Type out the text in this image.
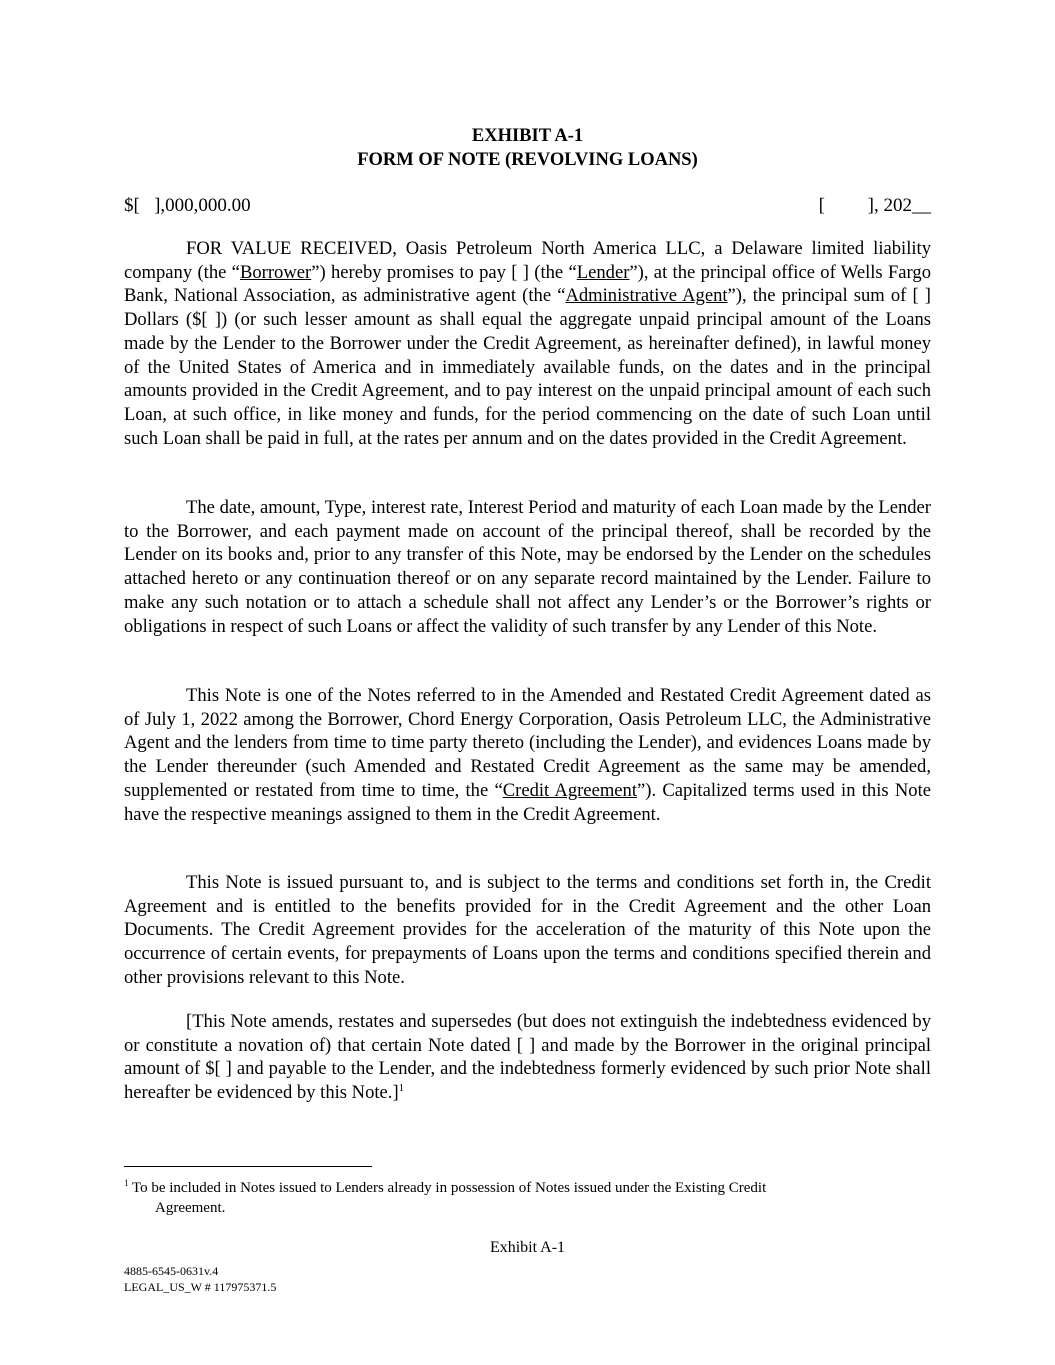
EXHIBIT A-1
FORM OF NOTE (REVOLVING LOANS)
$[   ],000,000.00	[         ], 202__

FOR VALUE RECEIVED, Oasis Petroleum North America LLC, a Delaware limited liability company (the “Borrower”) hereby promises to pay [ ] (the “Lender”), at the principal office of Wells Fargo Bank, National Association, as administrative agent (the “Administrative Agent”), the principal sum of [ ] Dollars ($[ ]) (or such lesser amount as shall equal the aggregate unpaid principal amount of the Loans made by the Lender to the Borrower under the Credit Agreement, as hereinafter defined), in lawful money of the United States of America and in immediately available funds, on the dates and in the principal amounts provided in the Credit Agreement, and to pay interest on the unpaid principal amount of each such Loan, at such office, in like money and funds, for the period commencing on the date of such Loan until such Loan shall be paid in full, at the rates per annum and on the dates provided in the Credit Agreement.

The date, amount, Type, interest rate, Interest Period and maturity of each Loan made by the Lender to the Borrower, and each payment made on account of the principal thereof, shall be recorded by the Lender on its books and, prior to any transfer of this Note, may be endorsed by the Lender on the schedules attached hereto or any continuation thereof or on any separate record maintained by the Lender. Failure to make any such notation or to attach a schedule shall not affect any Lender’s or the Borrower’s rights or obligations in respect of such Loans or affect the validity of such transfer by any Lender of this Note.

This Note is one of the Notes referred to in the Amended and Restated Credit Agreement dated as of July 1, 2022 among the Borrower, Chord Energy Corporation, Oasis Petroleum LLC, the Administrative Agent and the lenders from time to time party thereto (including the Lender), and evidences Loans made by the Lender thereunder (such Amended and Restated Credit Agreement as the same may be amended, supplemented or restated from time to time, the “Credit Agreement”). Capitalized terms used in this Note have the respective meanings assigned to them in the Credit Agreement.

This Note is issued pursuant to, and is subject to the terms and conditions set forth in, the Credit Agreement and is entitled to the benefits provided for in the Credit Agreement and the other Loan Documents. The Credit Agreement provides for the acceleration of the maturity of this Note upon the occurrence of certain events, for prepayments of Loans upon the terms and conditions specified therein and other provisions relevant to this Note.

[This Note amends, restates and supersedes (but does not extinguish the indebtedness evidenced by or constitute a novation of) that certain Note dated [ ] and made by the Borrower in the original principal amount of $[ ] and payable to the Lender, and the indebtedness formerly evidenced by such prior Note shall hereafter be evidenced by this Note.]$^1$

$^1$ To be included in Notes issued to Lenders already in possession of Notes issued under the Existing Credit
Agreement.
Exhibit A-1
4885-6545-0631v.4
LEGAL_US_W # 117975371.5
